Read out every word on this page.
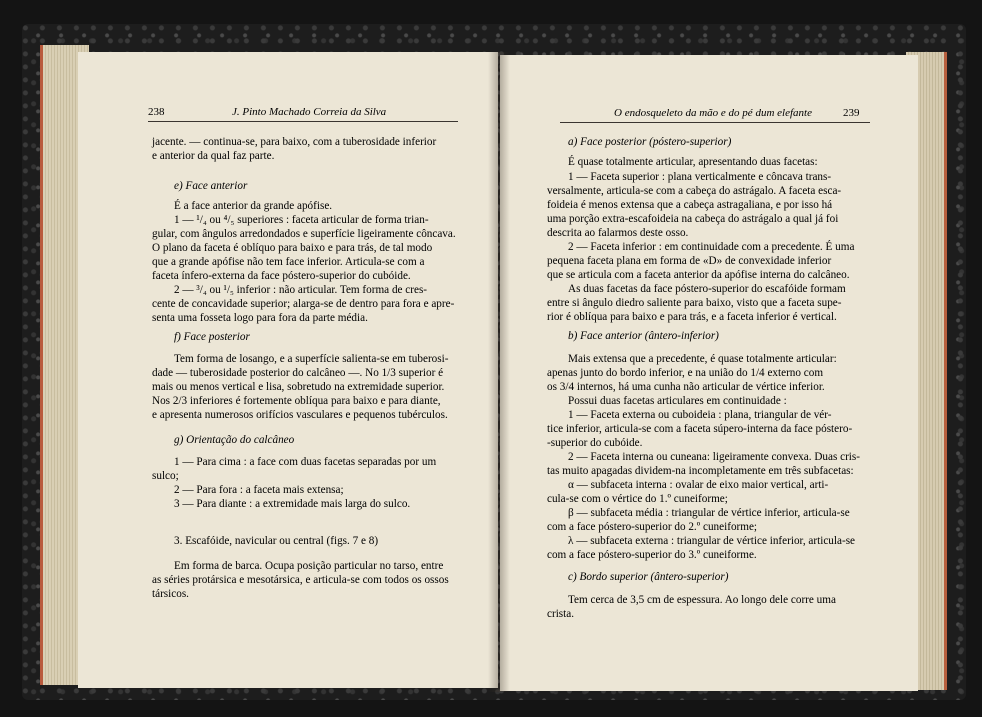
238	J. Pinto Machado Correia da Silva	O endosqueleto da mão e do pé dum elefante	239
jacente. — continua-se, para baixo, com a tuberosidade inferior
e anterior da qual faz parte.
e) Face anterior
É a face anterior da grande apófise.
1 — ¹/₄ ou ⁴/₅ superiores : faceta articular de forma trian-
gular, com ângulos arredondados e superfície ligeiramente côncava.
O plano da faceta é oblíquo para baixo e para trás, de tal modo
que a grande apófise não tem face inferior. Articula-se com a
faceta ínfero-externa da face póstero-superior do cubóide.
2 — ³/₄ ou ¹/₅ inferior : não articular. Tem forma de cres-
cente de concavidade superior; alarga-se de dentro para fora e apre-
senta uma fosseta logo para fora da parte média.
f) Face posterior
Tem forma de losango, e a superfície salienta-se em tuberosi-
dade — tuberosidade posterior do calcâneo —. No 1/3 superior é
mais ou menos vertical e lisa, sobretudo na extremidade superior.
Nos 2/3 inferiores é fortemente oblíqua para baixo e para diante,
e apresenta numerosos orifícios vasculares e pequenos tubérculos.
g) Orientação do calcâneo
1 — Para cima : a face com duas facetas separadas por um
sulco;
2 — Para fora : a faceta mais extensa;
3 — Para diante : a extremidade mais larga do sulco.
3. Escafóide, navicular ou central (figs. 7 e 8)
Em forma de barca. Ocupa posição particular no tarso, entre
as séries protársica e mesotársica, e articula-se com todos os ossos
társicos.
a) Face posterior (póstero-superior)
É quase totalmente articular, apresentando duas facetas:
1 — Faceta superior : plana verticalmente e côncava trans-
versalmente, articula-se com a cabeça do astrágalo. A faceta esca-
foideia é menos extensa que a cabeça astragaliana, e por isso há
uma porção extra-escafoideia na cabeça do astrágalo a qual já foi
descrita ao falarmos deste osso.
2 — Faceta inferior : em continuidade com a precedente. É uma
pequena faceta plana em forma de «D» de convexidade inferior
que se articula com a faceta anterior da apófise interna do calcâneo.
As duas facetas da face póstero-superior do escafóide formam
entre si ângulo diedro saliente para baixo, visto que a faceta supe-
rior é oblíqua para baixo e para trás, e a faceta inferior é vertical.
b) Face anterior (ântero-inferior)
Mais extensa que a precedente, é quase totalmente articular:
apenas junto do bordo inferior, e na união do 1/4 externo com
os 3/4 internos, há uma cunha não articular de vértice inferior.
Possui duas facetas articulares em continuidade :
1 — Faceta externa ou cuboideia : plana, triangular de vér-
tice inferior, articula-se com a faceta súpero-interna da face póstero-
-superior do cubóide.
2 — Faceta interna ou cuneana: ligeiramente convexa. Duas cris-
tas muito apagadas dividem-na incompletamente em três subfacetas:
α — subfaceta interna : ovalar de eixo maior vertical, arti-
cula-se com o vértice do 1.º cuneiforme;
β — subfaceta média : triangular de vértice inferior, articula-se
com a face póstero-superior do 2.º cuneiforme;
λ — subfaceta externa : triangular de vértice inferior, articula-se
com a face póstero-superior do 3.º cuneiforme.
c) Bordo superior (ântero-superior)
Tem cerca de 3,5 cm de espessura. Ao longo dele corre uma
crista.
